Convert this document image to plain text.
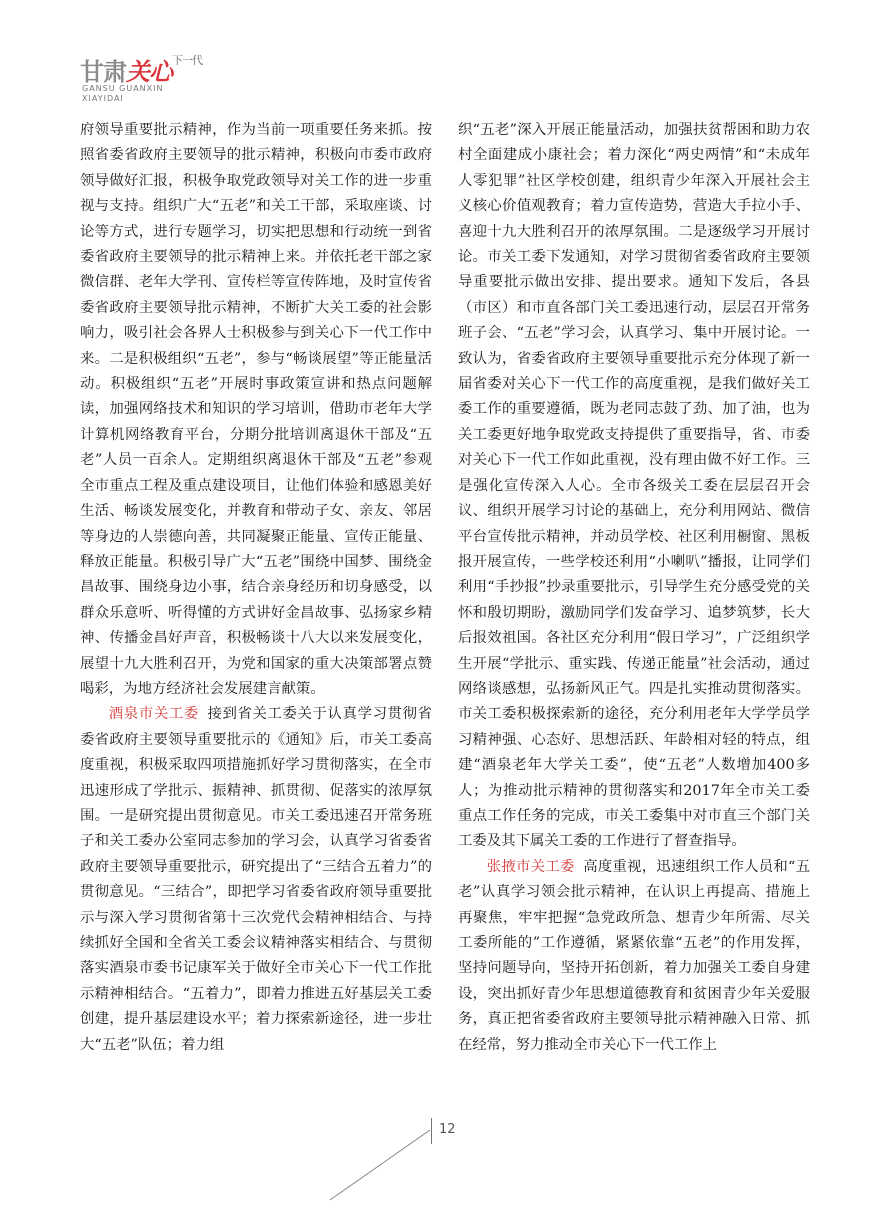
甘肃关心$^{下一代}$
GANSU GUANXIN
XIAYIDAI

府领导重要批示精神，作为当前一项重要任务来抓。按照省委省政府主要领导的批示精神，积极向市委市政府领导做好汇报，积极争取党政领导对关工作的进一步重视与支持。组织广大“五老”和关工干部，采取座谈、讨论等方式，进行专题学习，切实把思想和行动统一到省委省政府主要领导的批示精神上来。并依托老干部之家微信群、老年大学刊、宣传栏等宣传阵地，及时宣传省委省政府主要领导批示精神，不断扩大关工委的社会影响力，吸引社会各界人士积极参与到关心下一代工作中来。二是积极组织“五老”，参与“畅谈展望”等正能量活动。积极组织“五老”开展时事政策宣讲和热点问题解读，加强网络技术和知识的学习培训，借助市老年大学计算机网络教育平台，分期分批培训离退休干部及“五老”人员一百余人。定期组织离退休干部及“五老”参观全市重点工程及重点建设项目，让他们体验和感恩美好生活、畅谈发展变化，并教育和带动子女、亲友、邻居等身边的人崇德向善，共同凝聚正能量、宣传正能量、释放正能量。积极引导广大“五老”围绕中国梦、围绕金昌故事、围绕身边小事，结合亲身经历和切身感受，以群众乐意听、听得懂的方式讲好金昌故事、弘扬家乡精神、传播金昌好声音，积极畅谈十八大以来发展变化，展望十九大胜利召开，为党和国家的重大决策部署点赞喝彩，为地方经济社会发展建言献策。

酒泉市关工委 接到省关工委关于认真学习贯彻省委省政府主要领导重要批示的《通知》后，市关工委高度重视，积极采取四项措施抓好学习贯彻落实，在全市迅速形成了学批示、振精神、抓贯彻、促落实的浓厚氛围。一是研究提出贯彻意见。市关工委迅速召开常务班子和关工委办公室同志参加的学习会，认真学习省委省政府主要领导重要批示，研究提出了“三结合五着力”的贯彻意见。“三结合”，即把学习省委省政府领导重要批示与深入学习贯彻省第十三次党代会精神相结合、与持续抓好全国和全省关工委会议精神落实相结合、与贯彻落实酒泉市委书记康军关于做好全市关心下一代工作批示精神相结合。“五着力”，即着力推进五好基层关工委创建，提升基层建设水平；着力探索新途径，进一步壮大“五老”队伍；着力组

织“五老”深入开展正能量活动，加强扶贫帮困和助力农村全面建成小康社会；着力深化“两史两情”和“未成年人零犯罪”社区学校创建，组织青少年深入开展社会主义核心价值观教育；着力宣传造势，营造大手拉小手、喜迎十九大胜利召开的浓厚氛围。二是逐级学习开展讨论。市关工委下发通知，对学习贯彻省委省政府主要领导重要批示做出安排、提出要求。通知下发后，各县（市区）和市直各部门关工委迅速行动，层层召开常务班子会、“五老”学习会，认真学习、集中开展讨论。一致认为，省委省政府主要领导重要批示充分体现了新一届省委对关心下一代工作的高度重视，是我们做好关工委工作的重要遵循，既为老同志鼓了劲、加了油，也为关工委更好地争取党政支持提供了重要指导，省、市委对关心下一代工作如此重视，没有理由做不好工作。三是强化宣传深入人心。全市各级关工委在层层召开会议、组织开展学习讨论的基础上，充分利用网站、微信平台宣传批示精神，并动员学校、社区利用橱窗、黑板报开展宣传，一些学校还利用“小喇叭”播报，让同学们利用“手抄报”抄录重要批示，引导学生充分感受党的关怀和殷切期盼，激励同学们发奋学习、追梦筑梦，长大后报效祖国。各社区充分利用“假日学习”，广泛组织学生开展“学批示、重实践、传递正能量”社会活动，通过网络谈感想，弘扬新风正气。四是扎实推动贯彻落实。市关工委积极探索新的途径，充分利用老年大学学员学习精神强、心态好、思想活跃、年龄相对轻的特点，组建“酒泉老年大学关工委”，使“五老”人数增加400多人；为推动批示精神的贯彻落实和2017年全市关工委重点工作任务的完成，市关工委集中对市直三个部门关工委及其下属关工委的工作进行了督查指导。

张掖市关工委 高度重视，迅速组织工作人员和“五老”认真学习领会批示精神，在认识上再提高、措施上再聚焦，牢牢把握“急党政所急、想青少年所需、尽关工委所能的”工作遵循，紧紧依靠“五老”的作用发挥，坚持问题导向，坚持开拓创新，着力加强关工委自身建设，突出抓好青少年思想道德教育和贫困青少年关爱服务，真正把省委省政府主要领导批示精神融入日常、抓在经常，努力推动全市关心下一代工作上

12
